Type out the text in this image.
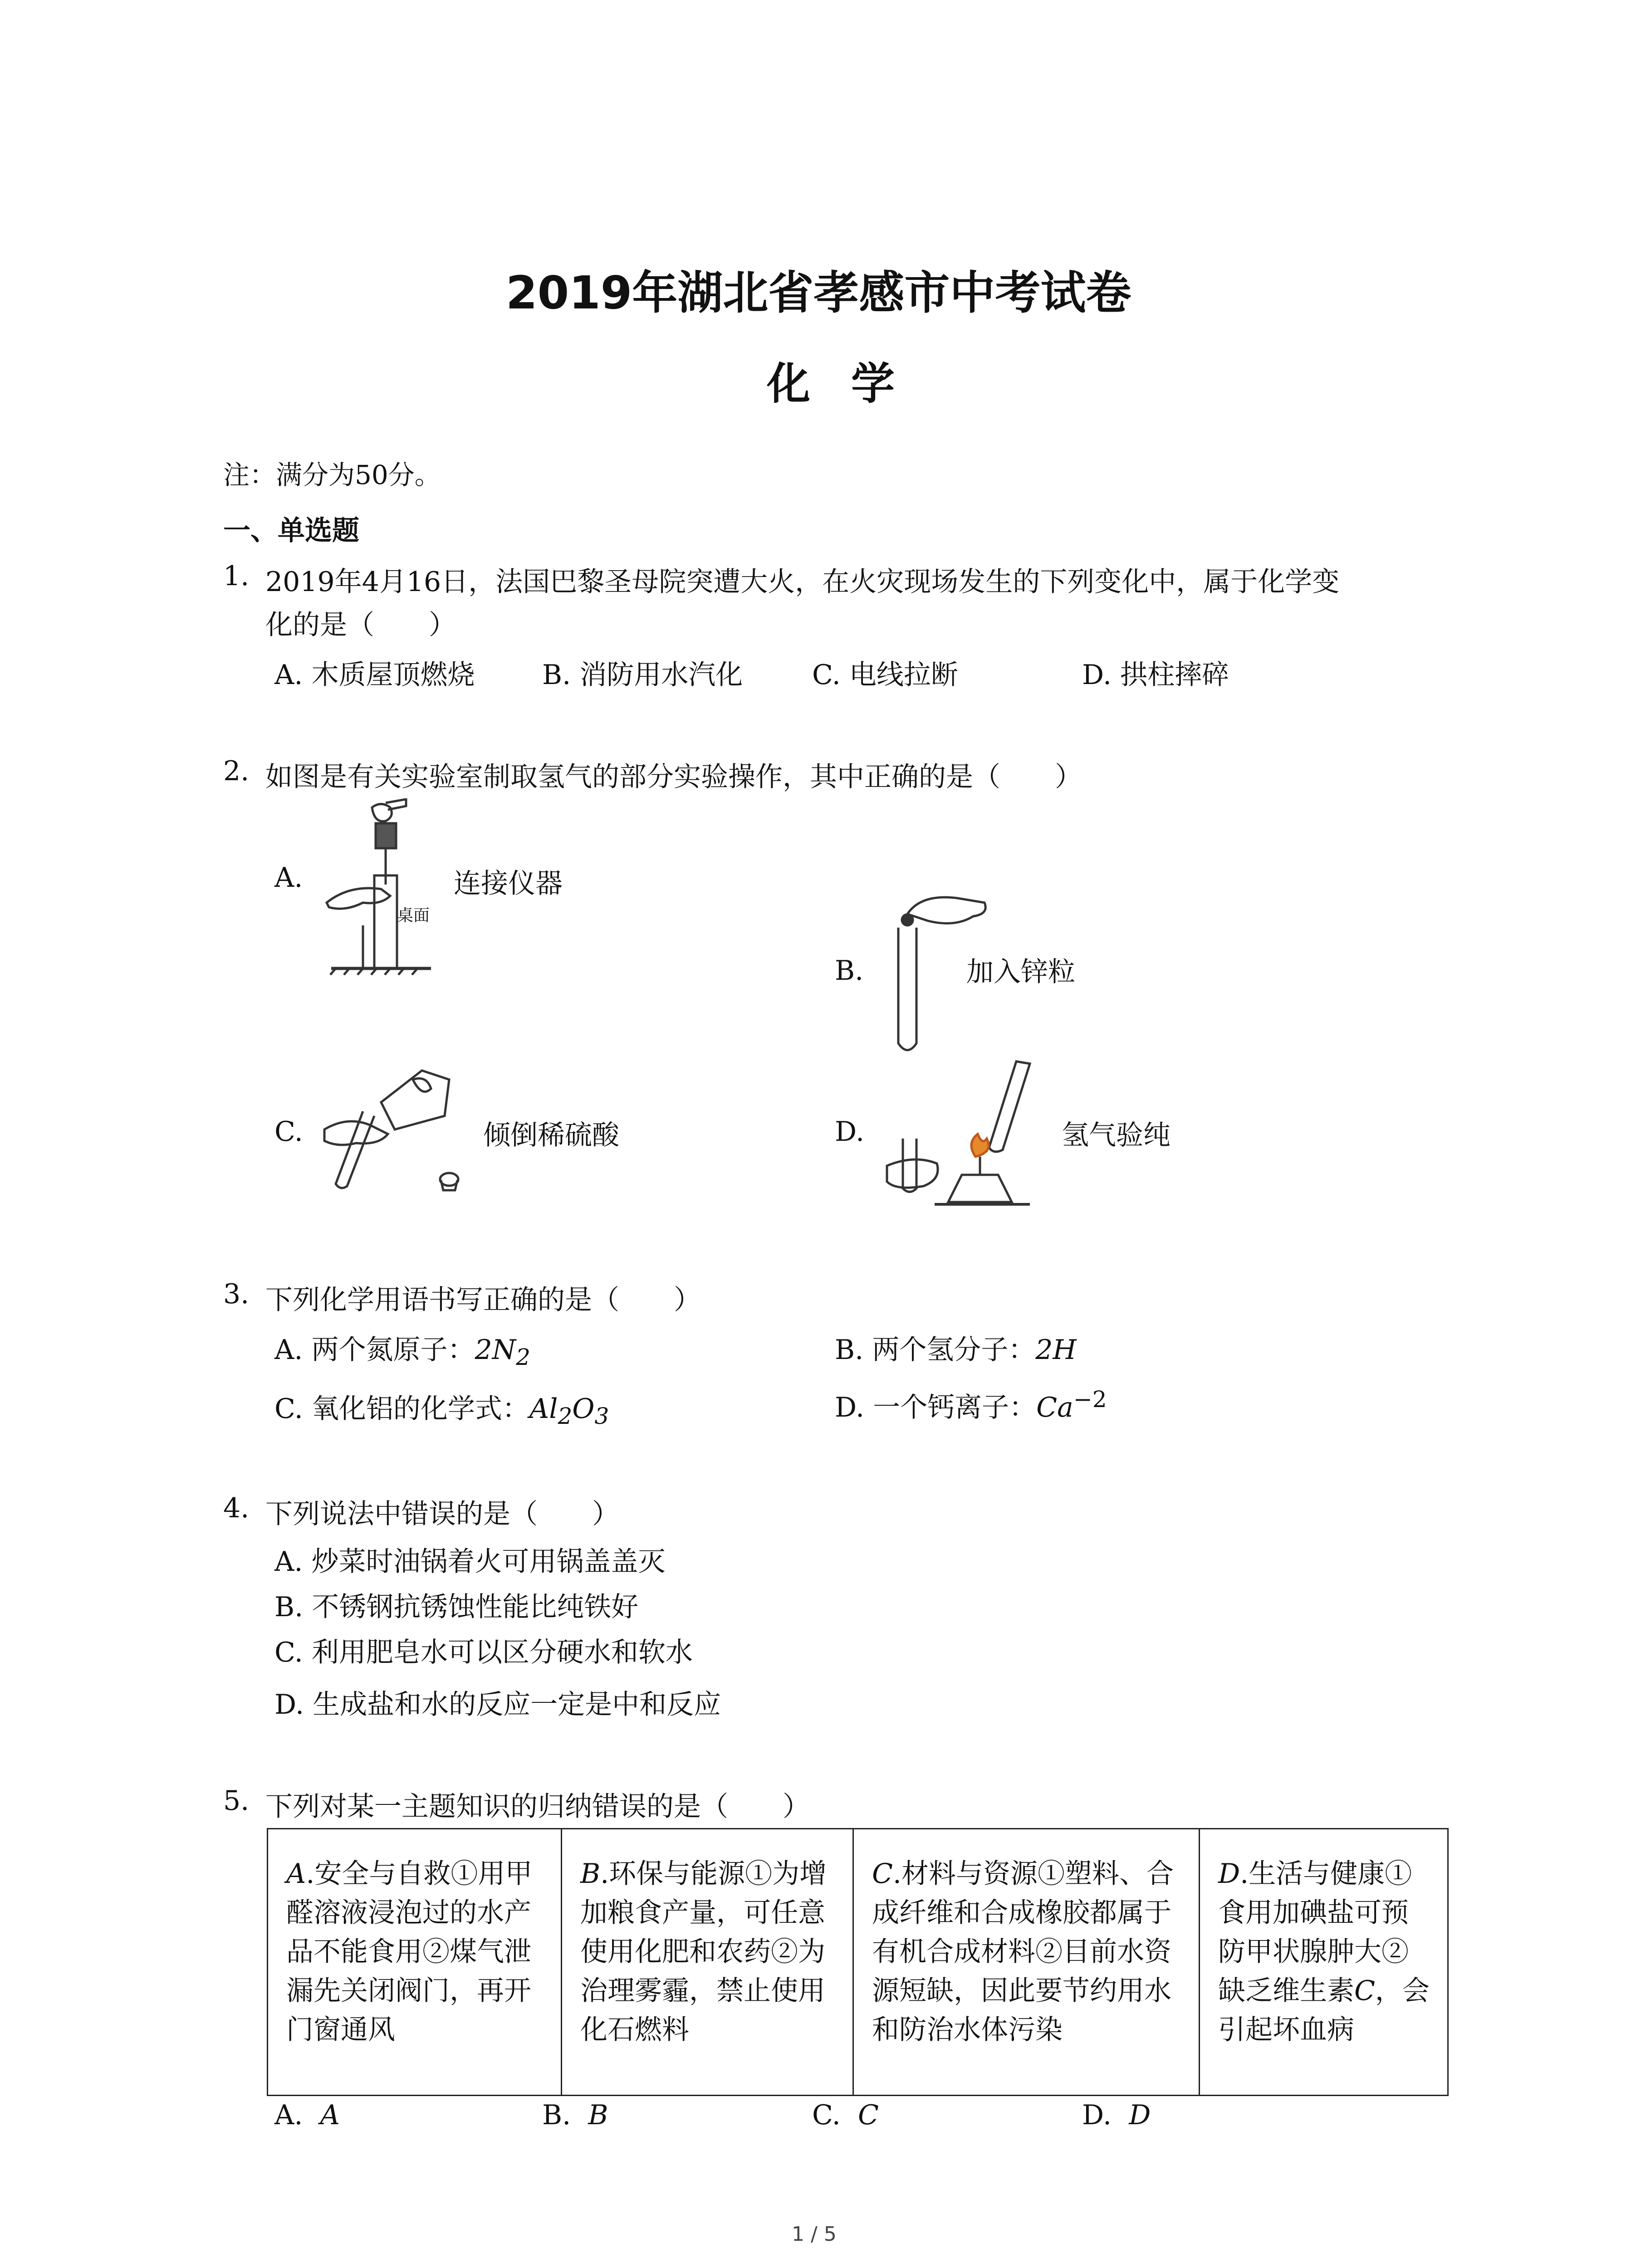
2019年湖北省孝感市中考试卷
化学
注：满分为50分。
一、单选题
1. 2019年4月16日，法国巴黎圣母院突遭大火，在火灾现场发生的下列变化中，属于化学变
化的是（　　）
A. 木质屋顶燃烧 B. 消防用水汽化	C. 电线拉断	D. 拱柱摔碎
2. 如图是有关实验室制取氢气的部分实验操作，其中正确的是（　　）
A.
桌面
连接仪器
B.	加入锌粒
C.	倾倒稀硫酸	D.	氢气验纯
3. 下列化学用语书写正确的是（　　）
A. 两个氮原子：$2N_2$	B. 两个氢分子：2H
C. 氧化铝的化学式：$Al_2O_3$	D. 一个钙离子：$Ca^{-2}$
4. 下列说法中错误的是（　　）
A. 炒菜时油锅着火可用锅盖盖灭
B. 不锈钢抗锈蚀性能比纯铁好
C. 利用肥皂水可以区分硬水和软水
D. 生成盐和水的反应一定是中和反应
5. 下列对某一主题知识的归纳错误的是（　　）
A.安全与自救①用甲醛溶液浸泡过的水产品不能食用②煤气泄漏先关闭阀门，再开门窗通风	B.环保与能源①为增加粮食产量，可任意使用化肥和农药②为治理雾霾，禁止使用化石燃料	C.材料与资源①塑料、合成纤维和合成橡胶都属于有机合成材料②目前水资源短缺，因此要节约用水和防治水体污染	D.生活与健康①食用加碘盐可预防甲状腺肿大②缺乏维生素C，会引起坏血病
A. A	B. B	C. C	D. D
1 / 5
